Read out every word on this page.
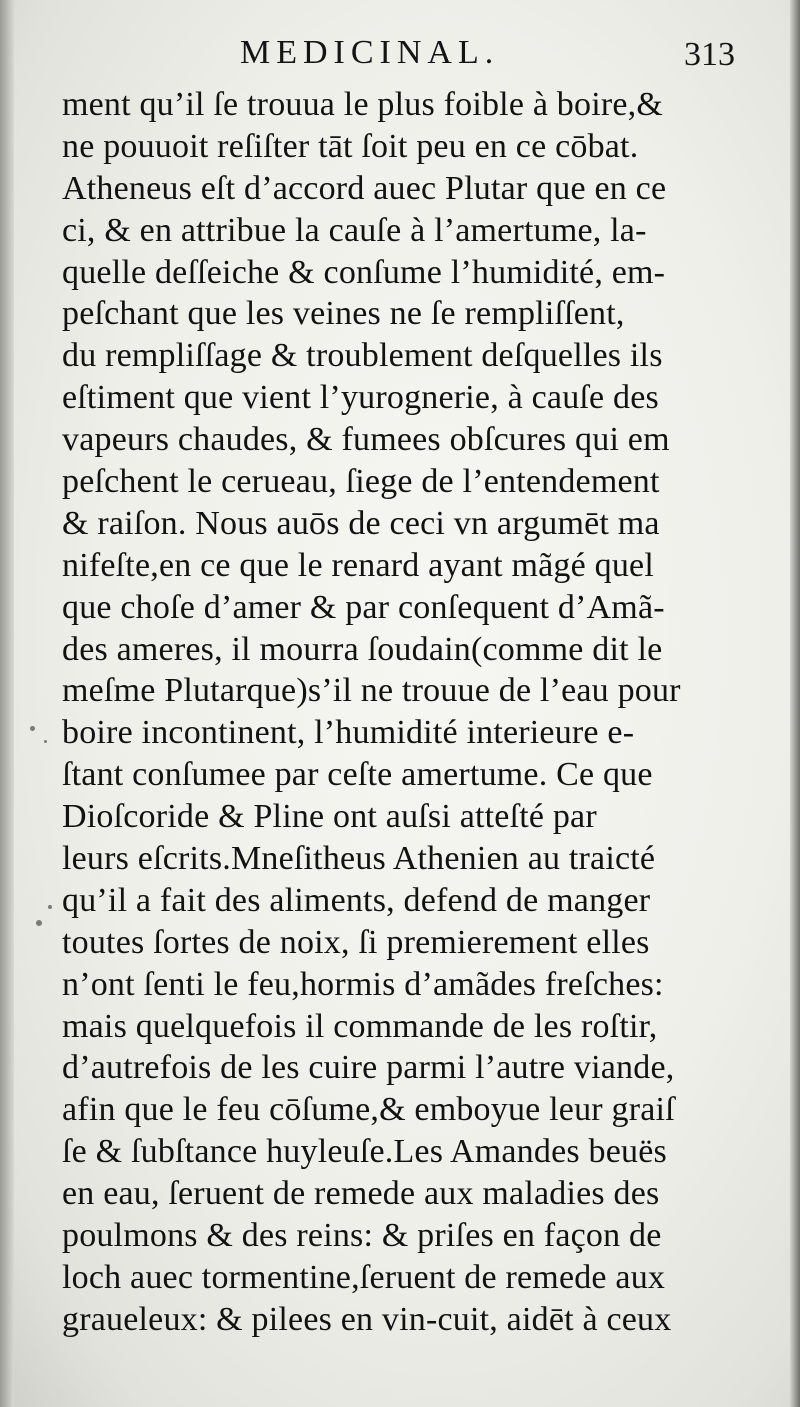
MEDICINAL.	313
ment qu’il ſe trouua le plus foible à boire,&
ne pouuoit reſiſter tāt ſoit peu en ce cōbat.
Atheneus eſt d’accord auec Plutar que en ce
ci, & en attribue la cauſe à l’amertume, la-
quelle deſſeiche & conſume l’humidité, em-
peſchant que les veines ne ſe rempliſſent,
du rempliſſage & troublement deſquelles ils
eſtiment que vient l’yurognerie, à cauſe des
vapeurs chaudes, & fumees obſcures qui em
peſchent le cerueau, ſiege de l’entendement
& raiſon. Nous auōs de ceci vn argumēt ma
nifeſte,en ce que le renard ayant mãgé quel
que choſe d’amer & par conſequent d’Amã-
des ameres, il mourra ſoudain(comme dit le
meſme Plutarque)s’il ne trouue de l’eau pour
boire incontinent, l’humidité interieure e-
ſtant conſumee par ceſte amertume. Ce que
Dioſcoride & Pline ont auſsi atteſté par
leurs eſcrits.Mneſitheus Athenien au traicté
qu’il a fait des aliments, defend de manger
toutes ſortes de noix, ſi premierement elles
n’ont ſenti le feu,hormis d’amãdes freſches:
mais quelquefois il commande de les roſtir,
d’autrefois de les cuire parmi l’autre viande,
afin que le feu cōſume,& emboyue leur graiſ
ſe & ſubſtance huyleuſe.Les Amandes beuës
en eau, ſeruent de remede aux maladies des
poulmons & des reins: & priſes en façon de
loch auec tormentine,ſeruent de remede aux
graueleux: & pilees en vin-cuit, aidēt à ceux
